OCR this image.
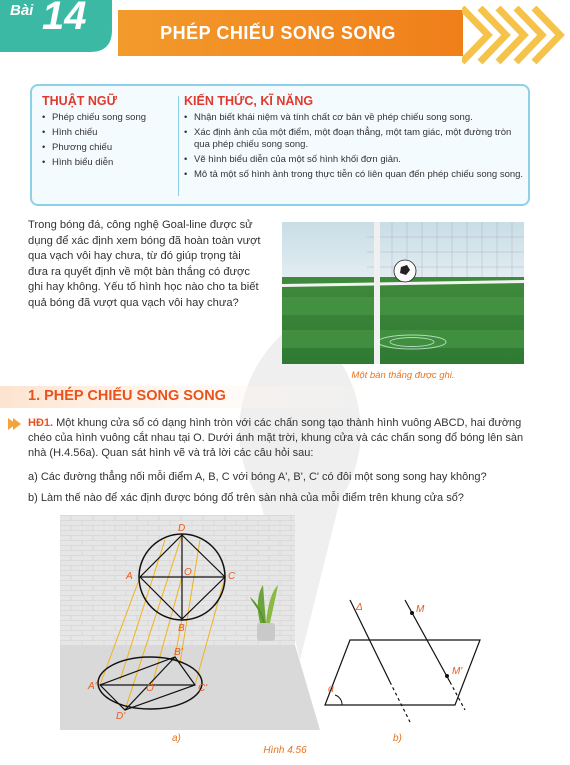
Bài 14	PHÉP CHIẾU SONG SONG
THUẬT NGỮ
• Phép chiếu song song
• Hình chiếu
• Phương chiếu
• Hình biểu diễn
KIẾN THỨC, KĨ NĂNG
• Nhận biết khái niệm và tính chất cơ bản về phép chiếu song song.
• Xác định ảnh của một điểm, một đoạn thẳng, một tam giác, một đường tròn qua phép chiếu song song.
• Vẽ hình biểu diễn của một số hình khối đơn giản.
• Mô tả một số hình ảnh trong thực tiễn có liên quan đến phép chiếu song song.

Trong bóng đá, công nghệ Goal-line được sử dụng để xác định xem bóng đã hoàn toàn vượt qua vạch vôi hay chưa, từ đó giúp trọng tài đưa ra quyết định về một bàn thắng có được ghi hay không. Yếu tố hình học nào cho ta biết quả bóng đã vượt qua vạch vôi hay chưa?

Một bàn thắng được ghi.
1. PHÉP CHIẾU SONG SONG

HĐ1. Một khung cửa sổ có dạng hình tròn với các chấn song tạo thành hình vuông ABCD, hai đường chéo của hình vuông cắt nhau tại O. Dưới ánh mặt trời, khung cửa và các chấn song đổ bóng lên sàn nhà (H.4.56a). Quan sát hình vẽ và trả lời các câu hỏi sau:

a) Các đường thẳng nối mỗi điểm A, B, C với bóng A', B', C' có đôi một song song hay không?

b) Làm thế nào để xác định được bóng đổ trên sàn nhà của mỗi điểm trên khung cửa sổ?

D
A	O	C
B
B'
A'	O'	C'
D'
Δ	M
M'
α
a)	b)
Hình 4.56
